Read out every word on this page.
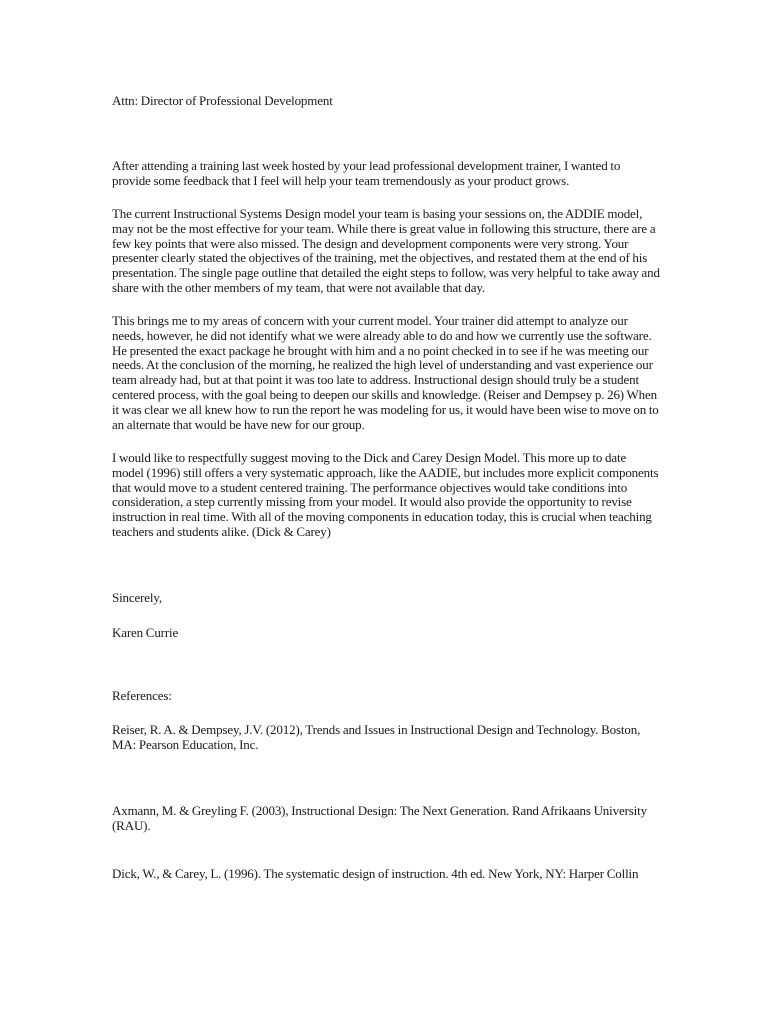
Attn: Director of Professional Development

After attending a training last week hosted by your lead professional development trainer, I wanted to provide some feedback that I feel will help your team tremendously as your product grows.

The current Instructional Systems Design model your team is basing your sessions on, the ADDIE model, may not be the most effective for your team. While there is great value in following this structure, there are a few key points that were also missed. The design and development components were very strong. Your presenter clearly stated the objectives of the training, met the objectives, and restated them at the end of his presentation. The single page outline that detailed the eight steps to follow, was very helpful to take away and share with the other members of my team, that were not available that day.

This brings me to my areas of concern with your current model. Your trainer did attempt to analyze our needs, however, he did not identify what we were already able to do and how we currently use the software. He presented the exact package he brought with him and a no point checked in to see if he was meeting our needs. At the conclusion of the morning, he realized the high level of understanding and vast experience our team already had, but at that point it was too late to address. Instructional design should truly be a student centered process, with the goal being to deepen our skills and knowledge. (Reiser and Dempsey p. 26) When it was clear we all knew how to run the report he was modeling for us, it would have been wise to move on to an alternate that would be have new for our group.

I would like to respectfully suggest moving to the Dick and Carey Design Model. This more up to date model (1996) still offers a very systematic approach, like the AADIE, but includes more explicit components that would move to a student centered training. The performance objectives would take conditions into consideration, a step currently missing from your model. It would also provide the opportunity to revise instruction in real time. With all of the moving components in education today, this is crucial when teaching teachers and students alike. (Dick & Carey)

Sincerely,

Karen Currie

References:

Reiser, R. A. & Dempsey, J.V. (2012), Trends and Issues in Instructional Design and Technology. Boston, MA: Pearson Education, Inc.

Axmann, M. & Greyling F. (2003), Instructional Design: The Next Generation. Rand Afrikaans University (RAU).

Dick, W., & Carey, L. (1996). The systematic design of instruction. 4th ed. New York, NY: Harper Collin
